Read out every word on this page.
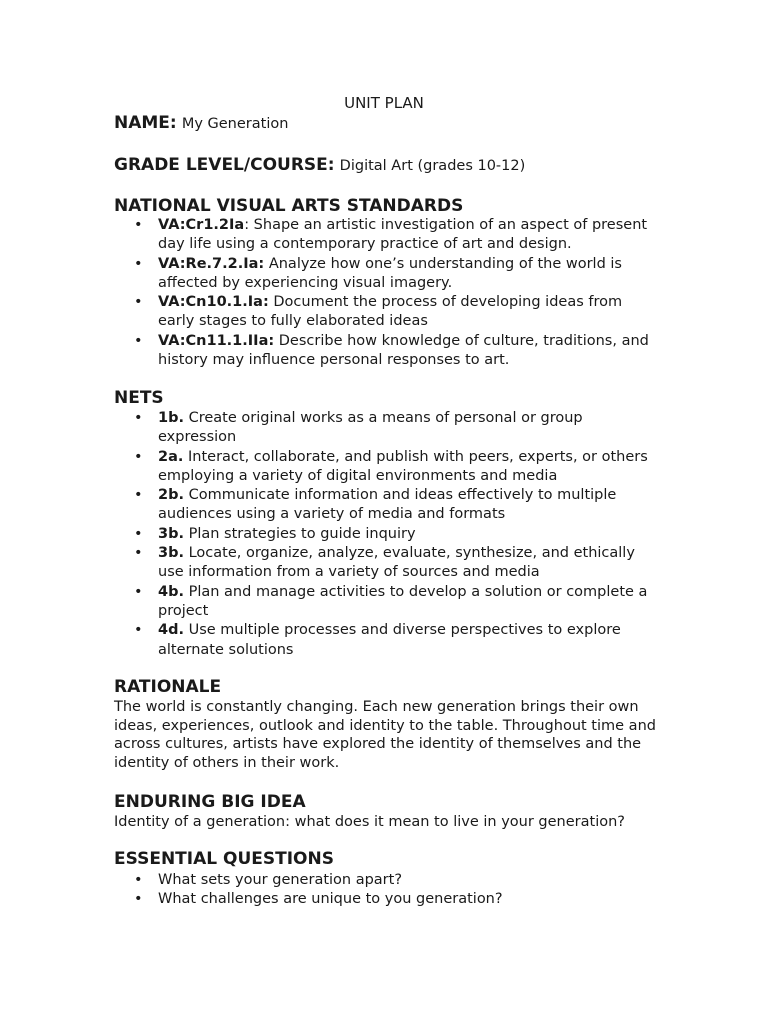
UNIT PLAN
NAME: My Generation
GRADE LEVEL/COURSE: Digital Art (grades 10-12)
NATIONAL VISUAL ARTS STANDARDS
• VA:Cr1.2Ia: Shape an artistic investigation of an aspect of present day life using a contemporary practice of art and design.
• VA:Re.7.2.Ia: Analyze how one’s understanding of the world is affected by experiencing visual imagery.
• VA:Cn10.1.Ia: Document the process of developing ideas from early stages to fully elaborated ideas
• VA:Cn11.1.IIa: Describe how knowledge of culture, traditions, and history may influence personal responses to art.
NETS
• 1b. Create original works as a means of personal or group expression
• 2a. Interact, collaborate, and publish with peers, experts, or others employing a variety of digital environments and media
• 2b. Communicate information and ideas effectively to multiple audiences using a variety of media and formats
• 3b. Plan strategies to guide inquiry
• 3b. Locate, organize, analyze, evaluate, synthesize, and ethically use information from a variety of sources and media
• 4b. Plan and manage activities to develop a solution or complete a project
• 4d. Use multiple processes and diverse perspectives to explore alternate solutions
RATIONALE

The world is constantly changing. Each new generation brings their own ideas, experiences, outlook and identity to the table. Throughout time and across cultures, artists have explored the identity of themselves and the identity of others in their work.

ENDURING BIG IDEA

Identity of a generation: what does it mean to live in your generation?

ESSENTIAL QUESTIONS
• What sets your generation apart?
• What challenges are unique to you generation?
